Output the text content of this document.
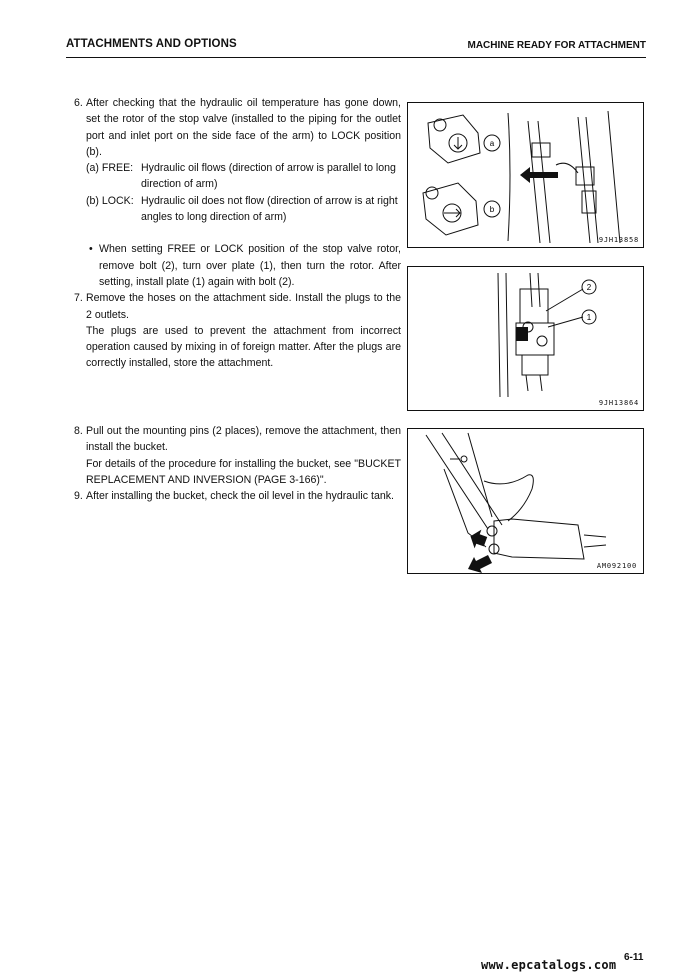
ATTACHMENTS AND OPTIONS	MACHINE READY FOR ATTACHMENT
6. After checking that the hydraulic oil temperature has gone down, set the rotor of the stop valve (installed to the piping for the outlet port and inlet port on the side face of the arm) to LOCK position (b).

(a) FREE: Hydraulic oil flows (direction of arrow is parallel to long direction of arm)

(b) LOCK: Hydraulic oil does not flow (direction of arrow is at right angles to long direction of arm)

• When setting FREE or LOCK position of the stop valve rotor, remove bolt (2), turn over plate (1), then turn the rotor. After setting, install plate (1) again with bolt (2).

7. Remove the hoses on the attachment side. Install the plugs to the 2 outlets.

The plugs are used to prevent the attachment from incorrect operation caused by mixing in of foreign matter. After the plugs are correctly installed, store the attachment.

8. Pull out the mounting pins (2 places), remove the attachment, then install the bucket.

For details of the procedure for installing the bucket, see "BUCKET REPLACEMENT AND INVERSION (PAGE 3-166)".

9. After installing the bucket, check the oil level in the hydraulic tank.

a
b
9JH13858
2
1
9JH13864
AM092100
6-11
www.epcatalogs.com
